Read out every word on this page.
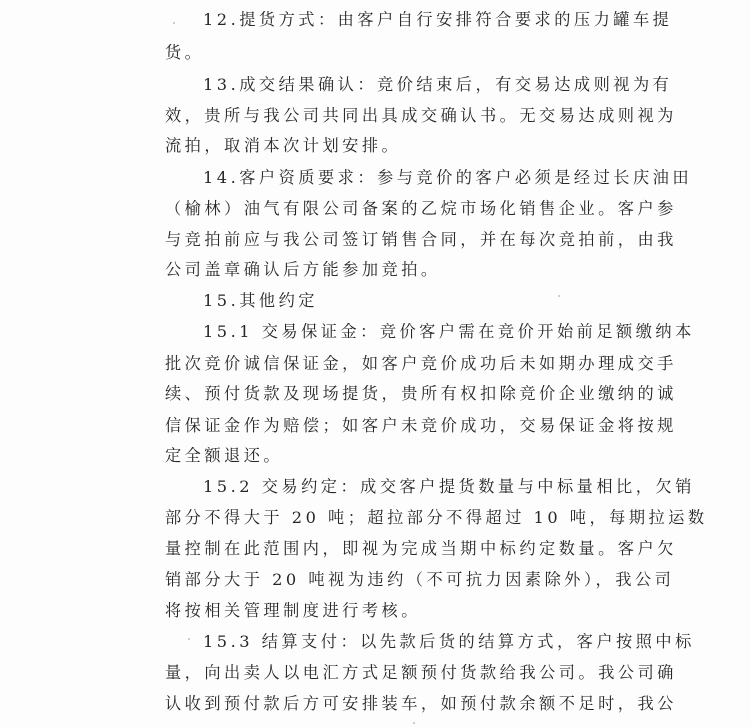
12.提货方式：由客户自行安排符合要求的压力罐车提
货。
13.成交结果确认：竞价结束后，有交易达成则视为有
效，贵所与我公司共同出具成交确认书。无交易达成则视为
流拍，取消本次计划安排。
14.客户资质要求：参与竞价的客户必须是经过长庆油田
（榆林）油气有限公司备案的乙烷市场化销售企业。客户参
与竞拍前应与我公司签订销售合同，并在每次竞拍前，由我
公司盖章确认后方能参加竞拍。
15.其他约定
15.1 交易保证金：竞价客户需在竞价开始前足额缴纳本
批次竞价诚信保证金，如客户竞价成功后未如期办理成交手
续、预付货款及现场提货，贵所有权扣除竞价企业缴纳的诚
信保证金作为赔偿；如客户未竞价成功，交易保证金将按规
定全额退还。
15.2 交易约定：成交客户提货数量与中标量相比，欠销
部分不得大于 20 吨；超拉部分不得超过 10 吨，每期拉运数
量控制在此范围内，即视为完成当期中标约定数量。客户欠
销部分大于 20 吨视为违约（不可抗力因素除外），我公司
将按相关管理制度进行考核。
15.3 结算支付：以先款后货的结算方式，客户按照中标
量，向出卖人以电汇方式足额预付货款给我公司。我公司确
认收到预付款后方可安排装车，如预付款余额不足时，我公
